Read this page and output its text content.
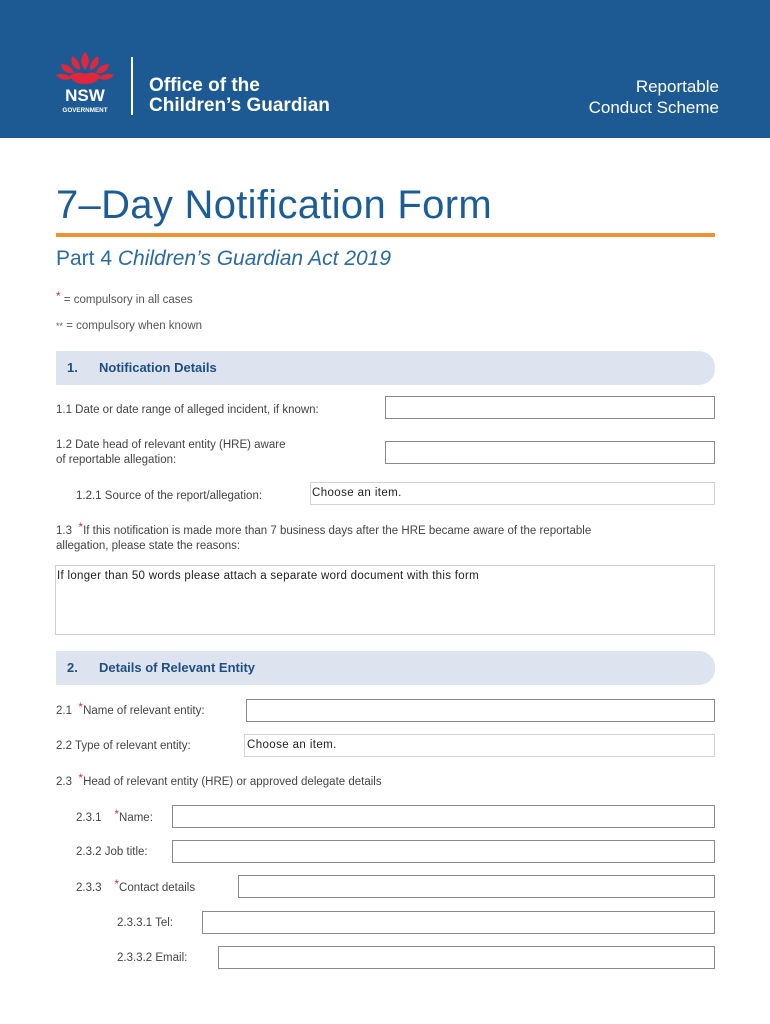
NSW
GOVERNMENT
Office of the
Children’s Guardian
Reportable
Conduct Scheme
7–Day Notification Form
Part 4 Children’s Guardian Act 2019
* = compulsory in all cases
** = compulsory when known
1. Notification Details
1.1 Date or date range of alleged incident, if known:
1.2 Date head of relevant entity (HRE) aware
of reportable allegation:
1.2.1 Source of the report/allegation:	Choose an item.
1.3 *If this notification is made more than 7 business days after the HRE became aware of the reportable
allegation, please state the reasons:
If longer than 50 words please attach a separate word document with this form
2. Details of Relevant Entity
2.1 *Name of relevant entity:
2.2 Type of relevant entity:	Choose an item.
2.3 *Head of relevant entity (HRE) or approved delegate details
2.3.1 *Name:
2.3.2 Job title:
2.3.3 *Contact details
2.3.3.1 Tel:
2.3.3.2 Email:
